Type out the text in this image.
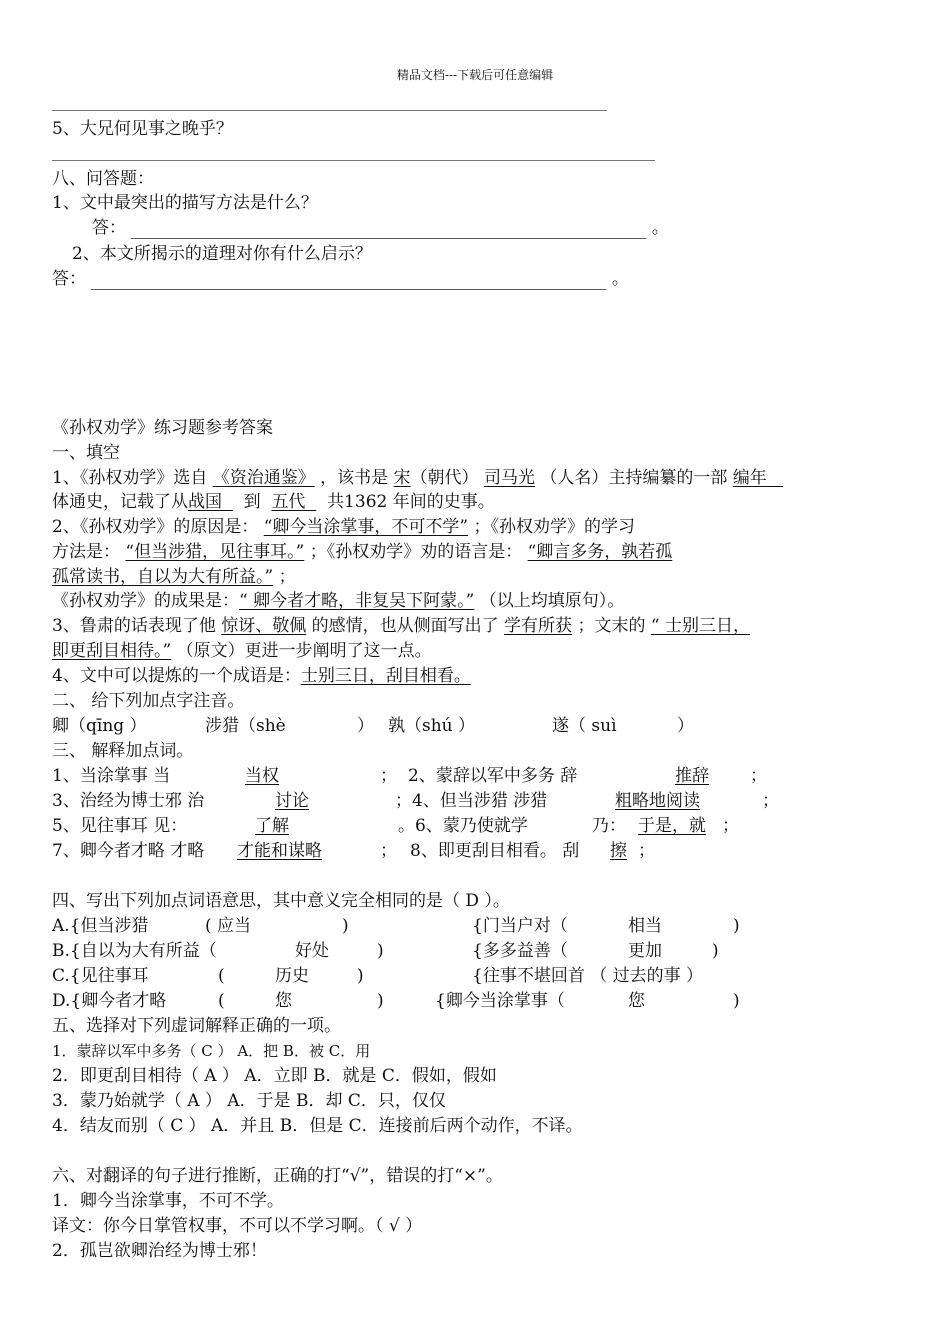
精品文档---下载后可任意编辑
5、大兄何见事之晚乎？
八、问答题：
1、文中最突出的描写方法是什么？
答：	。
2、本文所揭示的道理对你有什么启示？
答：	。
《孙权劝学》练习题参考答案
一、填空
1、《孙权劝学》选自 《资治通鉴》 ，该书是 宋（朝代） 司马光 （人名）主持编纂的一部 编年
体通史，记载了从战国 到 五代 共1362 年间的史事。
2、《孙权劝学》的原因是： “卿今当涂掌事，不可不学” ；《孙权劝学》的学习
方法是： “但当涉猎，见往事耳。” ；《孙权劝学》劝的语言是： “卿言多务，孰若孤
孤常读书，自以为大有所益。” ；
《孙权劝学》的成果是：“ 卿今者才略，非复吴下阿蒙。” （以上均填原句）。
3、鲁肃的话表现了他 惊讶、敬佩 的感情，也从侧面写出了 学有所获 ；文末的 “ 士别三日，
即更刮目相待。” （原文）更进一步阐明了这一点。
4、文中可以提炼的一个成语是：士别三日，刮目相看。
二、 给下列加点字注音。
卿（qīng ）	涉猎（shè	） 孰（shú ）	遂（ suì	）
三、 解释加点词。
1、当涂掌事 当	当权	； 2、蒙辞以军中多务 辞	推辞 ；
3、治经为博士邪 治	讨论	； 4、但当涉猎 涉猎	粗略地阅读	；
5、见往事耳 见：	了解	。 6、蒙乃使就学	乃： 于是，就 ；
7、卿今者才略 才略 才能和谋略	； 8、即更刮目相看。 刮 擦 ；
四、写出下列加点词语意思，其中意义完全相同的是（ D ）。
A.{但当涉猎	( 应当	)	{门当户对（	相当	)
B.{自以为大有所益（	好处	)	{多多益善（	更加	)
C.{见往事耳	(	历史	)	{往事不堪回首 （ 过去的事 ）
D.{卿今者才略	(	您	)	{卿今当涂掌事（	您	)
五、选择对下列虚词解释正确的一项。
1．蒙辞以军中多务（ C ） A．把 B．被 C．用
2．即更刮目相待（ A ） A．立即 B．就是 C．假如，假如
3．蒙乃始就学（ A ） A．于是 B．却 C．只，仅仅
4．结友而别（ C ） A．并且 B．但是 C．连接前后两个动作，不译。
六、对翻译的句子进行推断，正确的打“√”，错误的打“×”。
1．卿今当涂掌事，不可不学。
译文：你今日掌管权事，不可以不学习啊。（ √ ）
2．孤岂欲卿治经为博士邪！
